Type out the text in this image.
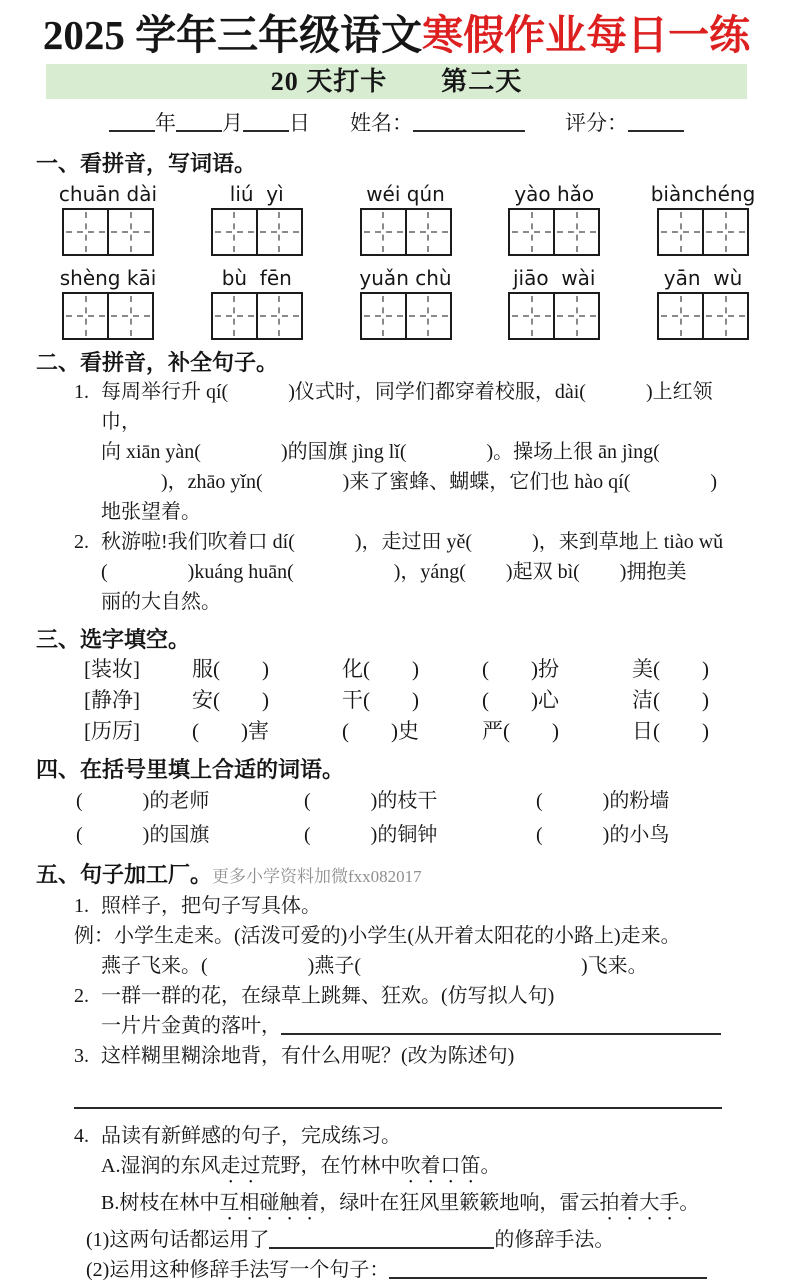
2025 学年三年级语文寒假作业每日一练
20 天打卡　　第二天
年 月 日 姓名：	评分：
一、看拼音，写词语。
chuān dài	liú  yì	wéi qún	yào hǎo	biànchéng
shèng kāi	bù  fēn	yuǎn chù	jiāo  wài	yān  wù
二、看拼音，补全句子。
1. 每周举行升 qí(　　　)仪式时，同学们都穿着校服，dài(　　　)上红领巾，
向 xiān yàn(　　　　)的国旗 jìng lǐ(　　　　)。操场上很 ān jìng(
　　　)，zhāo yǐn(　　　　)来了蜜蜂、蝴蝶，它们也 hào qí(　　　　)
地张望着。
2. 秋游啦!我们吹着口 dí(　　　)，走过田 yě(　　　)，来到草地上 tiào wǔ
(　　　　)kuáng huān(　　　　　)，yáng(　　)起双 bì(　　)拥抱美
丽的大自然。
三、选字填空。
[装妆]	服(　　)	化(　　)	(　　)扮	美(　　)
[静净]	安(　　)	干(　　)	(　　)心	洁(　　)
[历厉]	(　　)害	(　　)史	严(　　)	日(　　)
四、在括号里填上合适的词语。
(　　　)的老师	(　　　)的枝干	(　　　)的粉墙
(　　　)的国旗	(　　　)的铜钟	(　　　)的小鸟
五、句子加工厂。更多小学资料加微fxx082017
1. 照样子，把句子写具体。
例：小学生走来。(活泼可爱的)小学生(从开着太阳花的小路上)走来。
燕子飞来。(　　　　　)燕子(　　　　　　　　　　　)飞来。
2. 一群一群的花，在绿草上跳舞、狂欢。(仿写拟人句)
一片片金黄的落叶，
3. 这样糊里糊涂地背，有什么用呢？(改为陈述句)
4. 品读有新鲜感的句子，完成练习。
A.湿润的东风走过荒野，在竹林中吹着口笛。
B.树枝在林中互相碰触着，绿叶在狂风里簌簌地响，雷云拍着大手。
(1)这两句话都运用了	的修辞手法。
(2)运用这种修辞手法写一个句子：
